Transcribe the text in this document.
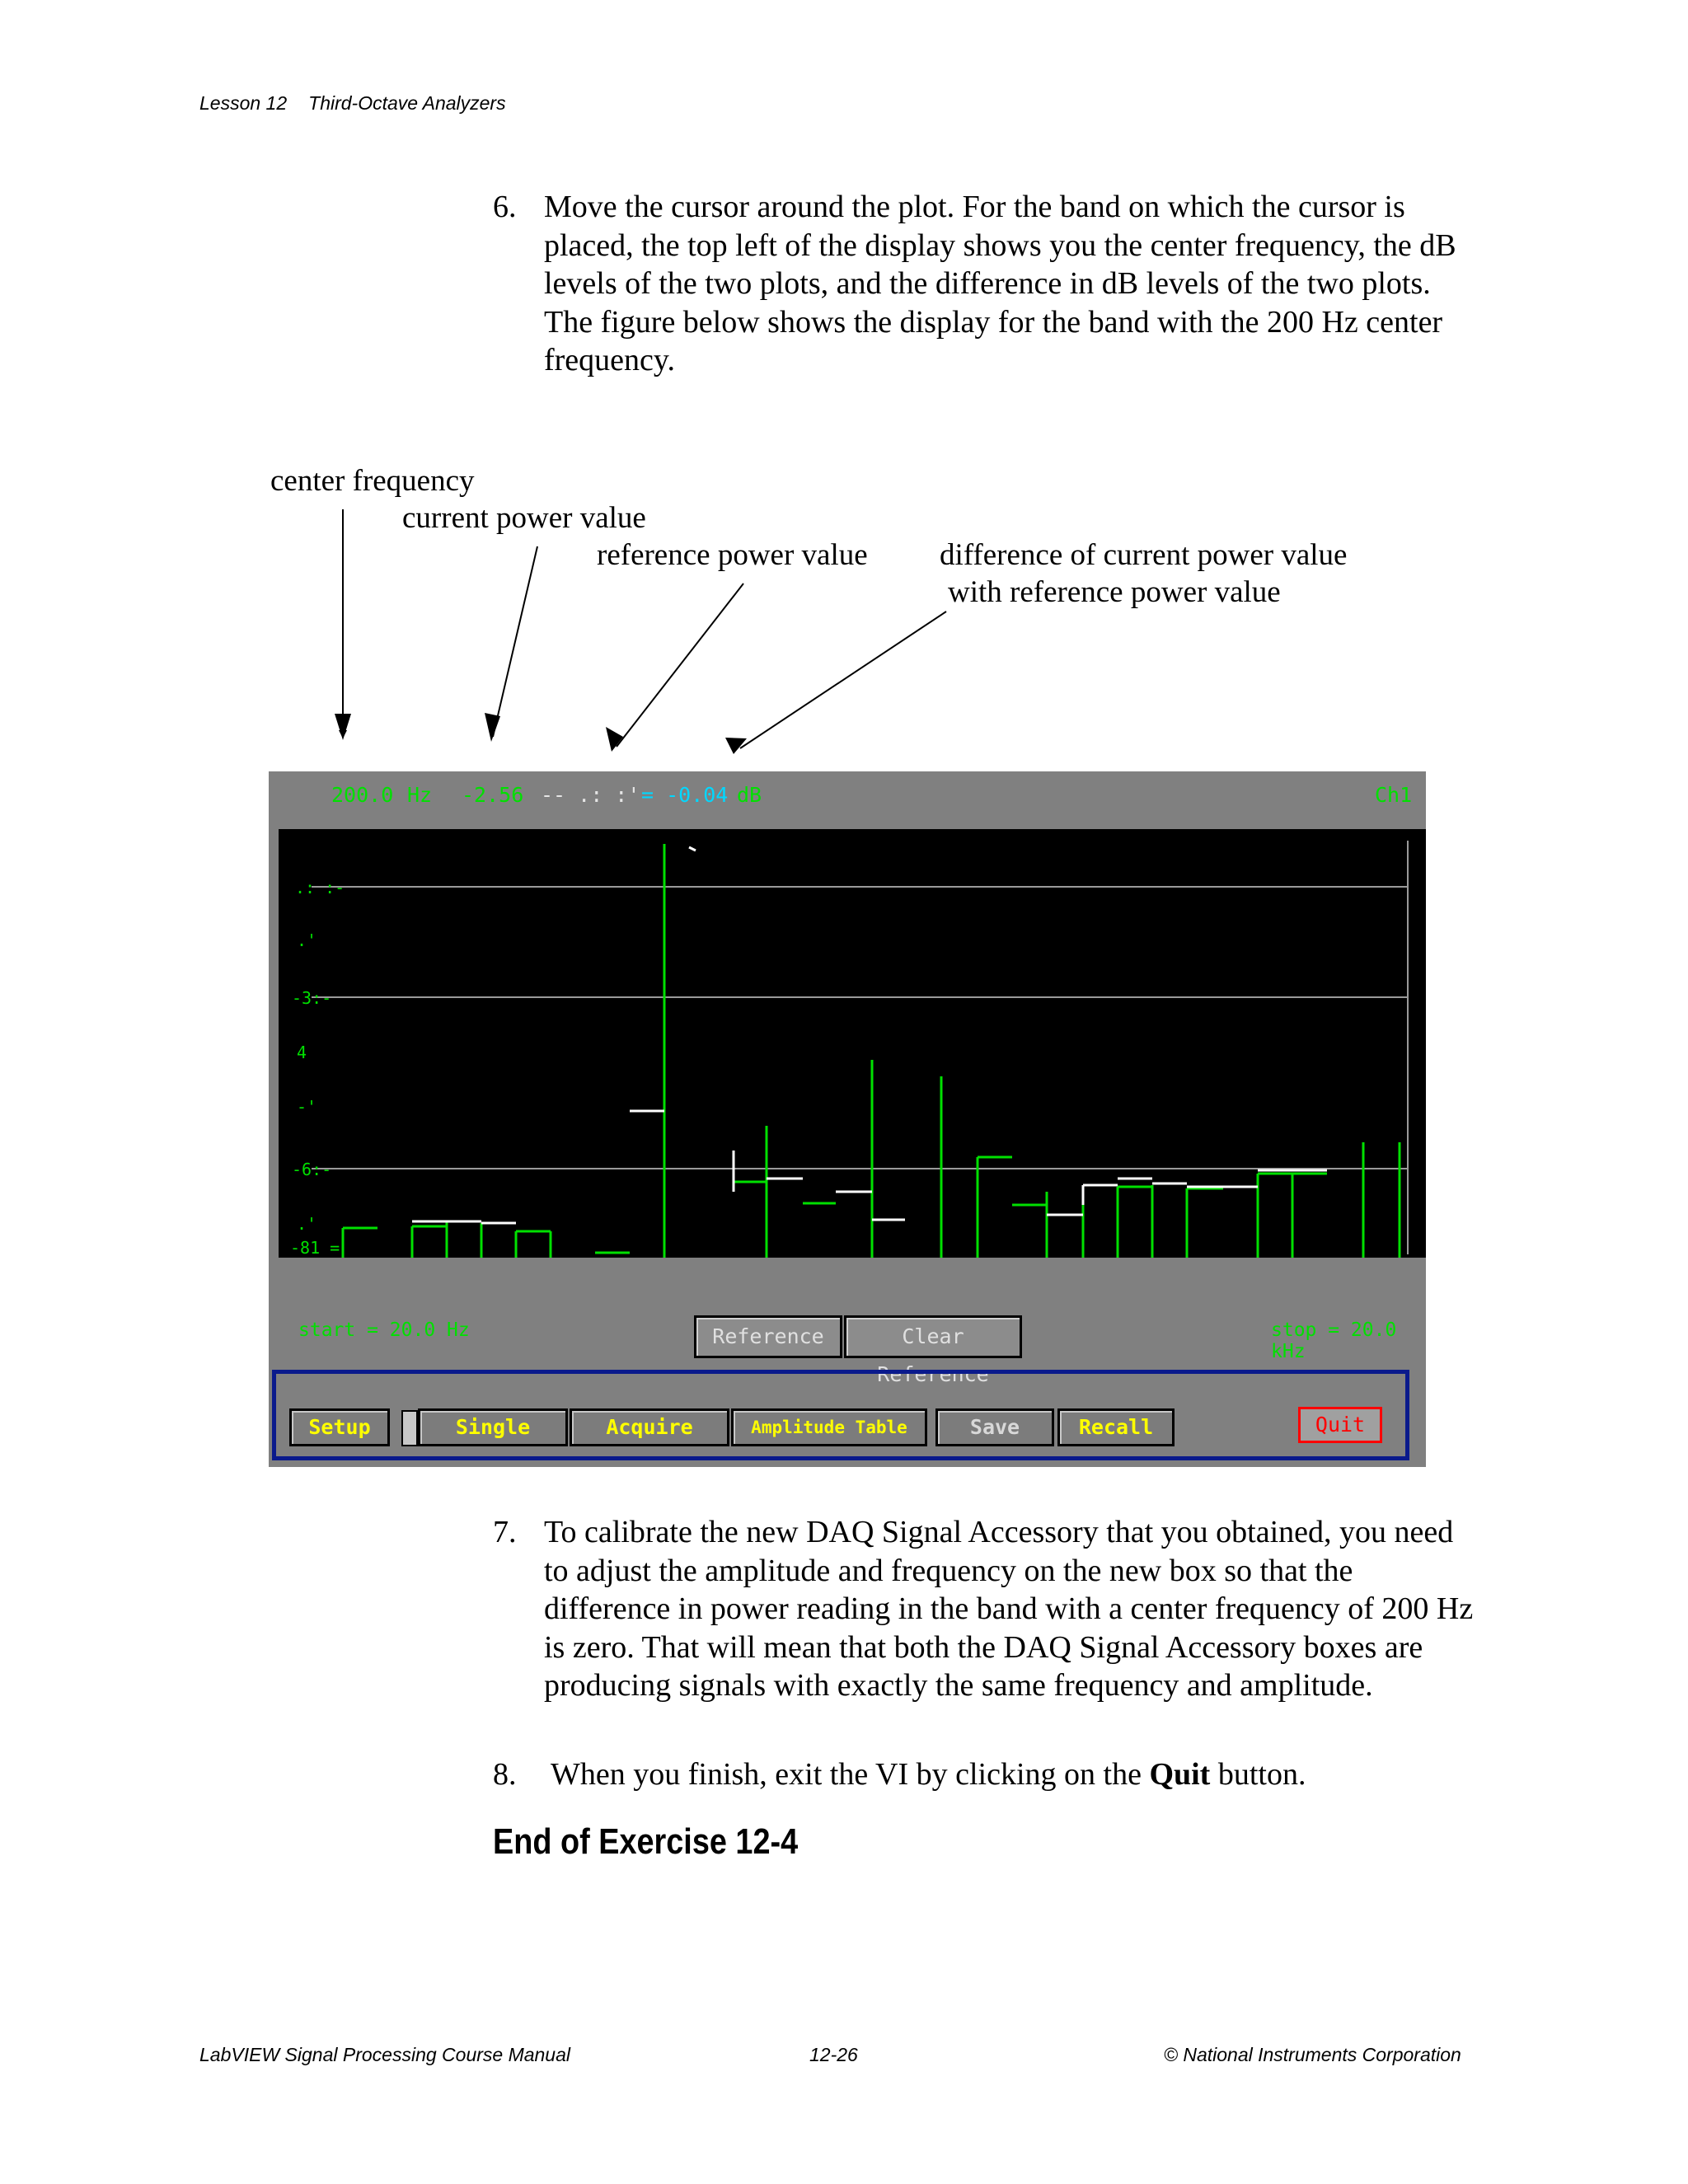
Lesson 12 Third-Octave Analyzers
6. Move the cursor around the plot. For the band on which the cursor is placed, the top left of the display shows you the center frequency, the dB levels of the two plots, and the difference in dB levels of the two plots. The figure below shows the display for the band with the 200 Hz center frequency.
center frequency
current power value
reference power value difference of current power value
with reference power value
200.0 Hz -2.56 -- .: :' = -0.04 dB	Ch1
.: :-
.'
-3:-
4
-'
-6:-
.'
-81 =
start = 20.0 Hz	Reference	Clear Reference
stop = 20.0 kHz
Setup	Single	Acquire	Amplitude Table	Save	Recall	Quit
7. To calibrate the new DAQ Signal Accessory that you obtained, you need to adjust the amplitude and frequency on the new box so that the difference in power reading in the band with a center frequency of 200 Hz is zero. That will mean that both the DAQ Signal Accessory boxes are producing signals with exactly the same frequency and amplitude.
8. When you finish, exit the VI by clicking on the Quit button.
End of Exercise 12-4
LabVIEW Signal Processing Course Manual	12-26	© National Instruments Corporation
